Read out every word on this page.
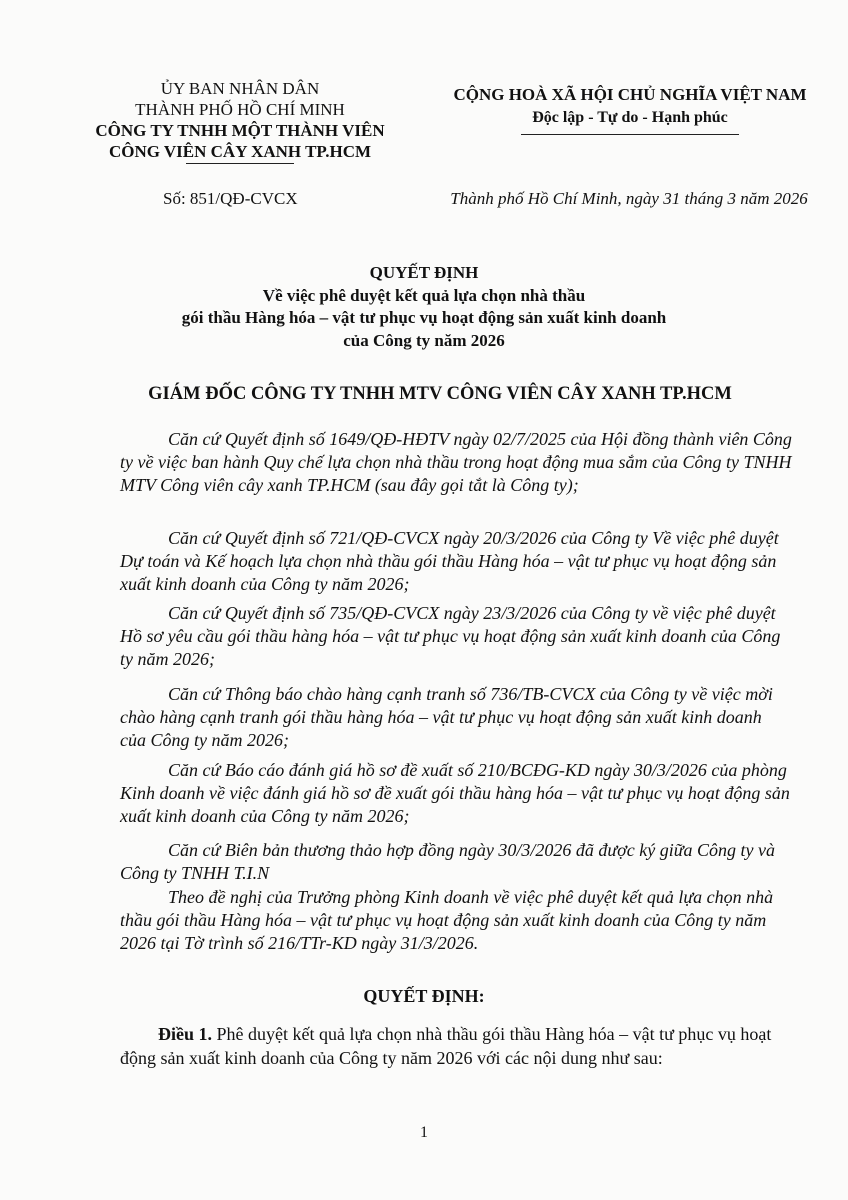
ỦY BAN NHÂN DÂN
THÀNH PHỐ HỒ CHÍ MINH
CÔNG TY TNHH MỘT THÀNH VIÊN
CÔNG VIÊN CÂY XANH TP.HCM
CỘNG HOÀ XÃ HỘI CHỦ NGHĨA VIỆT NAM
Độc lập - Tự do - Hạnh phúc
Số: 851/QĐ-CVCX	Thành phố Hồ Chí Minh, ngày 31 tháng 3 năm 2026
QUYẾT ĐỊNH
Về việc phê duyệt kết quả lựa chọn nhà thầu
gói thầu Hàng hóa – vật tư phục vụ hoạt động sản xuất kinh doanh
của Công ty năm 2026
GIÁM ĐỐC CÔNG TY TNHH MTV CÔNG VIÊN CÂY XANH TP.HCM

Căn cứ Quyết định số 1649/QĐ-HĐTV ngày 02/7/2025 của Hội đồng thành viên Công ty về việc ban hành Quy chế lựa chọn nhà thầu trong hoạt động mua sắm của Công ty TNHH MTV Công viên cây xanh TP.HCM (sau đây gọi tắt là Công ty);

Căn cứ Quyết định số 721/QĐ-CVCX ngày 20/3/2026 của Công ty Về việc phê duyệt Dự toán và Kế hoạch lựa chọn nhà thầu gói thầu Hàng hóa – vật tư phục vụ hoạt động sản xuất kinh doanh của Công ty năm 2026;

Căn cứ Quyết định số 735/QĐ-CVCX ngày 23/3/2026 của Công ty về việc phê duyệt Hồ sơ yêu cầu gói thầu hàng hóa – vật tư phục vụ hoạt động sản xuất kinh doanh của Công ty năm 2026;

Căn cứ Thông báo chào hàng cạnh tranh số 736/TB-CVCX của Công ty về việc mời chào hàng cạnh tranh gói thầu hàng hóa – vật tư phục vụ hoạt động sản xuất kinh doanh của Công ty năm 2026;

Căn cứ Báo cáo đánh giá hồ sơ đề xuất số 210/BCĐG-KD ngày 30/3/2026 của phòng Kinh doanh về việc đánh giá hồ sơ đề xuất gói thầu hàng hóa – vật tư phục vụ hoạt động sản xuất kinh doanh của Công ty năm 2026;

Căn cứ Biên bản thương thảo hợp đồng ngày 30/3/2026 đã được ký giữa Công ty và Công ty TNHH T.I.N

Theo đề nghị của Trưởng phòng Kinh doanh về việc phê duyệt kết quả lựa chọn nhà thầu gói thầu Hàng hóa – vật tư phục vụ hoạt động sản xuất kinh doanh của Công ty năm 2026 tại Tờ trình số 216/TTr-KD ngày 31/3/2026.

QUYẾT ĐỊNH:

Điều 1. Phê duyệt kết quả lựa chọn nhà thầu gói thầu Hàng hóa – vật tư phục vụ hoạt động sản xuất kinh doanh của Công ty năm 2026 với các nội dung như sau:

1
